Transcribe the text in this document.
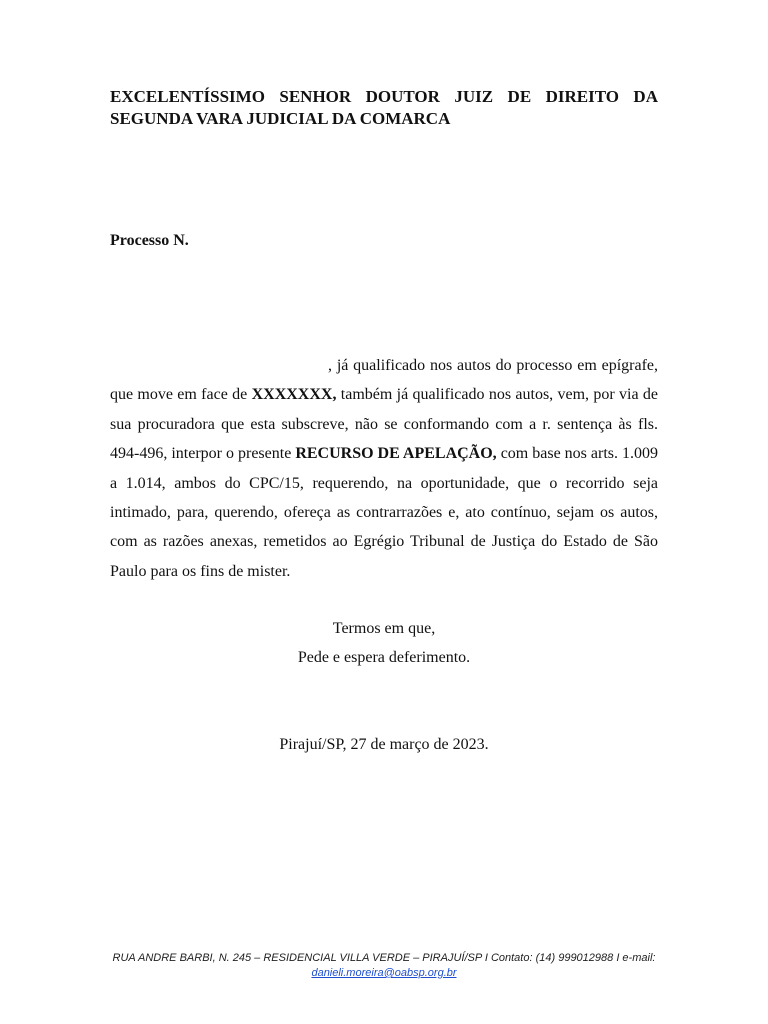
EXCELENTÍSSIMO SENHOR DOUTOR JUIZ DE DIREITO DA
SEGUNDA VARA JUDICIAL DA COMARCA
Processo N.
, já qualificado nos autos do processo em epígrafe, que move em face de XXXXXXX, também já qualificado nos autos, vem, por via de sua procuradora que esta subscreve, não se conformando com a r. sentença às fls. 494-496, interpor o presente RECURSO DE APELAÇÃO, com base nos arts. 1.009 a 1.014, ambos do CPC/15, requerendo, na oportunidade, que o recorrido seja intimado, para, querendo, ofereça as contrarrazões e, ato contínuo, sejam os autos, com as razões anexas, remetidos ao Egrégio Tribunal de Justiça do Estado de São Paulo para os fins de mister.
Termos em que,
Pede e espera deferimento.
Pirajuí/SP, 27 de março de 2023.
RUA ANDRE BARBI, N. 245 – RESIDENCIAL VILLA VERDE – PIRAJUÍ/SP I Contato: (14) 999012988 I e-mail:
danieli.moreira@oabsp.org.br
